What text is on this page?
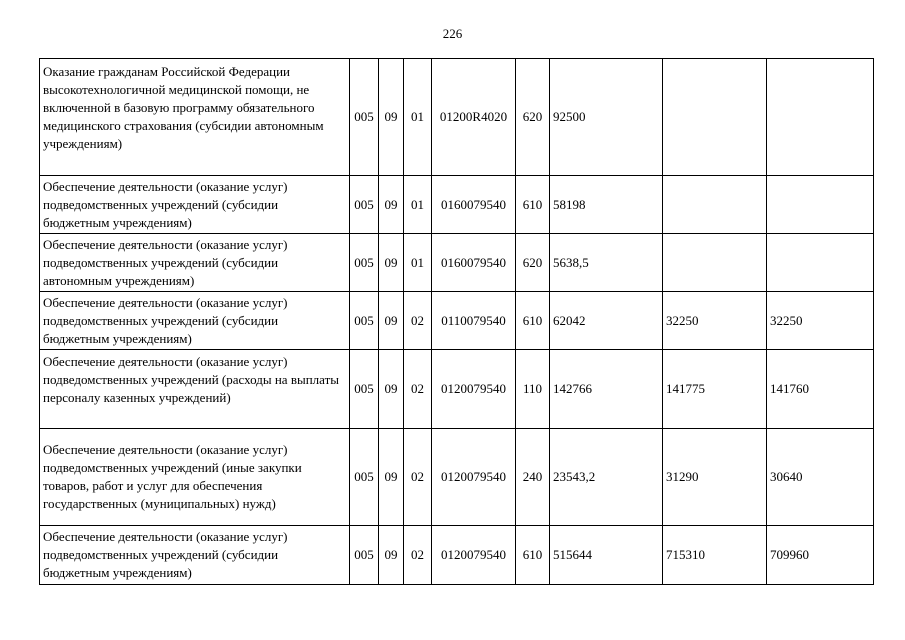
226
Оказание гражданам Российской Федерации высокотехнологичной медицинской помощи, не включенной в базовую программу обязательного медицинского страхования (субсидии автономным учреждениям)	005	09	01	01200R4020	620	92500		
Обеспечение деятельности (оказание услуг) подведомственных учреждений (субсидии бюджетным учреждениям)	005	09	01	0160079540	610	58198		
Обеспечение деятельности (оказание услуг) подведомственных учреждений (субсидии автономным учреждениям)	005	09	01	0160079540	620	5638,5		
Обеспечение деятельности (оказание услуг) подведомственных учреждений (субсидии бюджетным учреждениям)	005	09	02	0110079540	610	62042	32250	32250
Обеспечение деятельности (оказание услуг) подведомственных учреждений (расходы на выплаты персоналу казенных учреждений)	005	09	02	0120079540	110	142766	141775	141760
Обеспечение деятельности (оказание услуг) подведомственных учреждений (иные закупки товаров, работ и услуг для обеспечения государственных (муниципальных) нужд)	005	09	02	0120079540	240	23543,2	31290	30640
Обеспечение деятельности (оказание услуг) подведомственных учреждений (субсидии бюджетным учреждениям)	005	09	02	0120079540	610	515644	715310	709960
